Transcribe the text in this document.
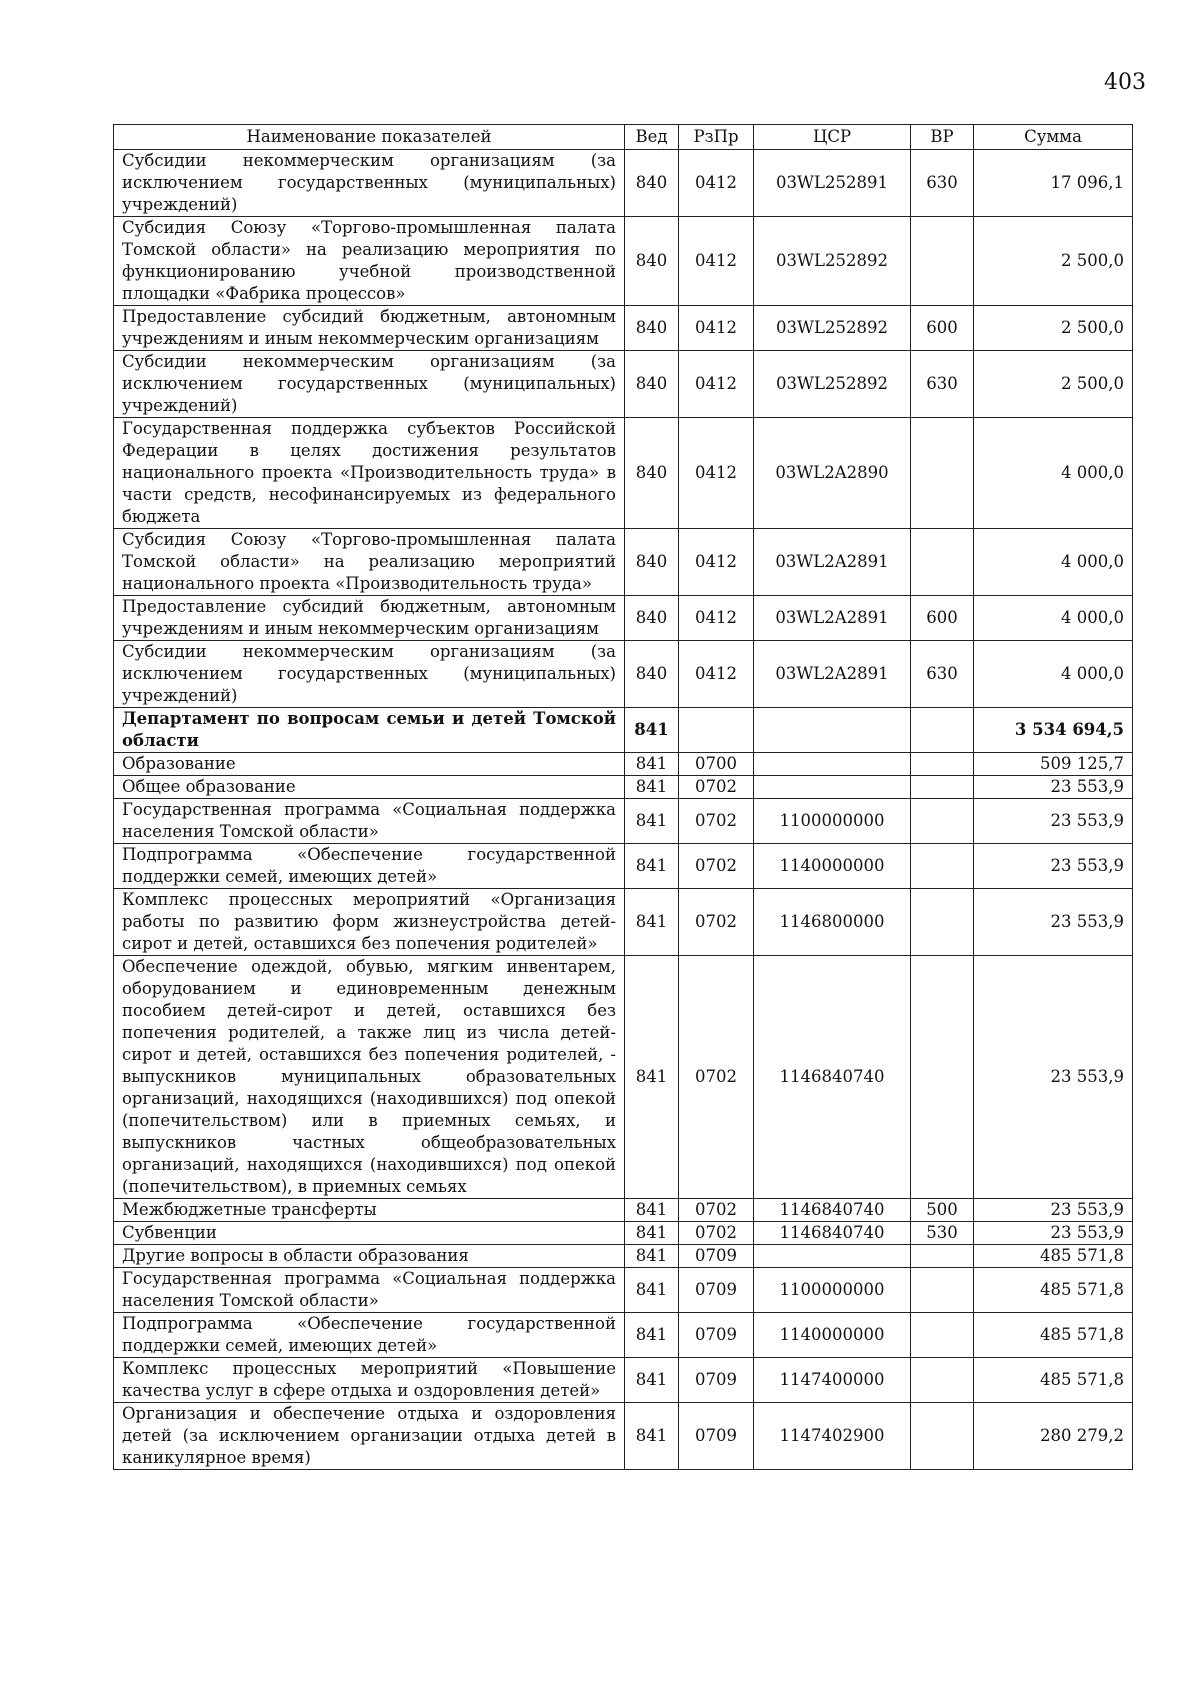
403
Наименование показателей	Вед	РзПр	ЦСР	ВР	Сумма
Субсидии некоммерческим организациям (за исключением государственных (муниципальных) учреждений)	840	0412	03WL252891	630	17 096,1
Субсидия Союзу «Торгово-промышленная палата Томской области» на реализацию мероприятия по функционированию учебной производственной площадки «Фабрика процессов»	840	0412	03WL252892		2 500,0
Предоставление субсидий бюджетным, автономным учреждениям и иным некоммерческим организациям	840	0412	03WL252892	600	2 500,0
Субсидии некоммерческим организациям (за исключением государственных (муниципальных) учреждений)	840	0412	03WL252892	630	2 500,0
Государственная поддержка субъектов Российской Федерации в целях достижения результатов национального проекта «Производительность труда» в части средств, несофинансируемых из федерального бюджета	840	0412	03WL2A2890		4 000,0
Субсидия Союзу «Торгово-промышленная палата Томской области» на реализацию мероприятий национального проекта «Производительность труда»	840	0412	03WL2A2891		4 000,0
Предоставление субсидий бюджетным, автономным учреждениям и иным некоммерческим организациям	840	0412	03WL2A2891	600	4 000,0
Субсидии некоммерческим организациям (за исключением государственных (муниципальных) учреждений)	840	0412	03WL2A2891	630	4 000,0
Департамент по вопросам семьи и детей Томской области	841				3 534 694,5
Образование	841	0700			509 125,7
Общее образование	841	0702			23 553,9
Государственная программа «Социальная поддержка населения Томской области»	841	0702	1100000000		23 553,9
Подпрограмма «Обеспечение государственной поддержки семей, имеющих детей»	841	0702	1140000000		23 553,9
Комплекс процессных мероприятий «Организация работы по развитию форм жизнеустройства детей-сирот и детей, оставшихся без попечения родителей»	841	0702	1146800000		23 553,9
Обеспечение одеждой, обувью, мягким инвентарем, оборудованием и единовременным денежным пособием детей-сирот и детей, оставшихся без попечения родителей, а также лиц из числа детей-сирот и детей, оставшихся без попечения родителей, - выпускников муниципальных образовательных организаций, находящихся (находившихся) под опекой (попечительством) или в приемных семьях, и выпускников частных общеобразовательных организаций, находящихся (находившихся) под опекой (попечительством), в приемных семьях	841	0702	1146840740		23 553,9
Межбюджетные трансферты	841	0702	1146840740	500	23 553,9
Субвенции	841	0702	1146840740	530	23 553,9
Другие вопросы в области образования	841	0709			485 571,8
Государственная программа «Социальная поддержка населения Томской области»	841	0709	1100000000		485 571,8
Подпрограмма «Обеспечение государственной поддержки семей, имеющих детей»	841	0709	1140000000		485 571,8
Комплекс процессных мероприятий «Повышение качества услуг в сфере отдыха и оздоровления детей»	841	0709	1147400000		485 571,8
Организация и обеспечение отдыха и оздоровления детей (за исключением организации отдыха детей в каникулярное время)	841	0709	1147402900		280 279,2
